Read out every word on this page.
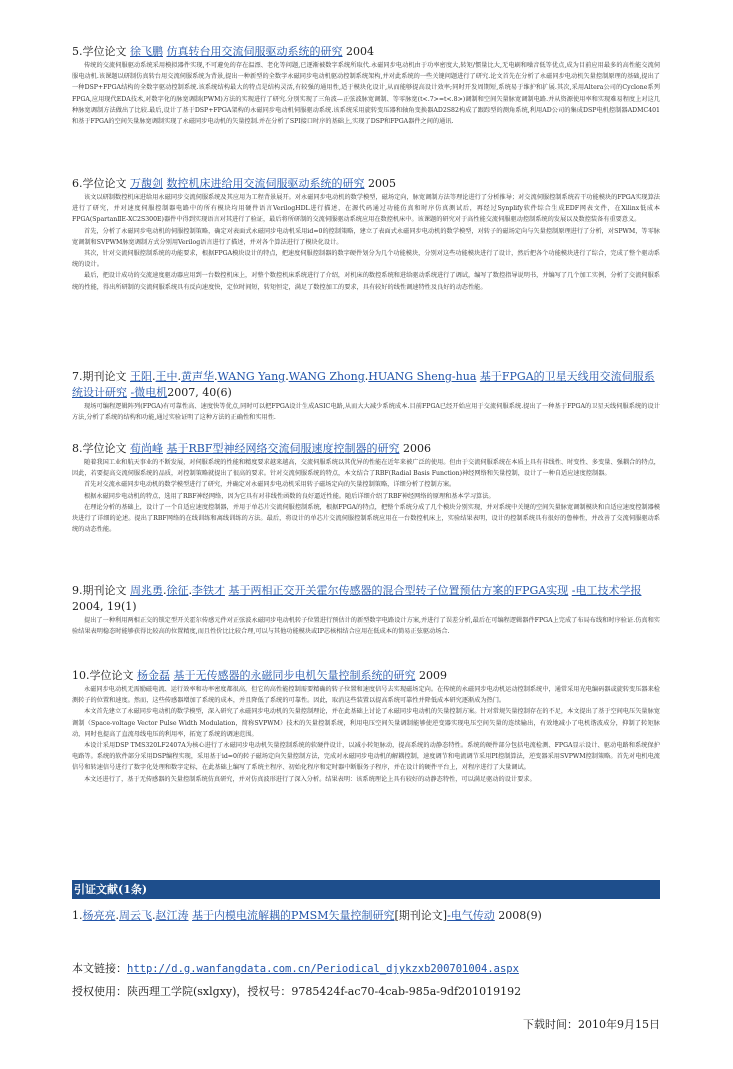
5.学位论文 徐飞鹏 仿真转台用交流伺服驱动系统的研究 2004

传统的交流伺服驱动系统采用模拟器件实现,不可避免的存在温漂、老化等问题,已逐渐被数字系统所取代.永磁同步电动机由于功率密度大,转矩/惯量比大,无电刷和噪音低等优点,成为目前应用最多的高性能交流伺服电动机.该课题以研制仿真转台用交流伺服系统为背景,提出一种新型的全数字永磁同步电动机驱动控制系统架构,并对此系统的一些关键问题进行了研究.论文首先在分析了永磁同步电动机矢量控制原理的基础,提出了一种DSP+FPGA结构的全数字驱动控制系统.该系统结构最大的特点是结构灵活,有较强的通用性,适于模块化设计,从而能够提高设计效率;同时开发周期短,系统易于维护和扩展.其次,采用Altera公司的Cyclone系列FPGA,应用现代EDA技术,对数字化的脉宽调制(PWM)方法的实现进行了研究.分别实现了三角波—正弦波脉宽调制、等零脉宽(t<.7>=t<.8>)调制和空间矢量脉宽调制电路.并从资源使用率和实现难易程度上对这几种脉宽调制方法做出了比较.最后,设计了基于DSP+FPGA架构的永磁同步电动机伺服驱动系统.该系统采用旋转变压器和轴角变换器AD2S82构成了跟踪型的测角系统,利用AD公司的集成DSP电机控制器ADMC401和基于FPGA的空间矢量脉宽调制实现了永磁同步电动机的矢量控制.并在分析了SPI接口时序的基础上,实现了DSP和FPGA器件之间的通讯.

6.学位论文 万馥剑 数控机床进给用交流伺服驱动系统的研究 2005

该文以研制数控机床进给用永磁同步交流伺服系统及其应用为工程背景展开。对永磁同步电动机的数学模型，磁场定向，脉宽调制方法等理论进行了分析推导；对交流伺服控制系统若干功能模块的FPGA实现算法进行了研究，并对速度伺服控制器电路中的所有模块均用硬件语言VerilogHDL进行描述，在源代码通过功能仿真和时序仿真测试后，再经过Synplify软件综合生成EDF网表文件，在Xilinx低成本FPGA(SpartanⅡE-XC2S300E)器件中得到实现语言对其进行了验证，最后将所研制的交流伺服驱动系统应用在数控机床中。该课题的研究对于高性能交流伺服驱动控制系统的发展以及数控装备有重要意义。

首先，分析了永磁同步电动机的伺服控制策略，确定对表面式永磁同步电动机采用id=0的控制策略，建立了表面式永磁同步电动机的数学模型，对转子的磁场定向与矢量控制原理进行了分析，对SPWM，等零脉宽调制和SVPWM脉宽调制方式分别用Verilog语言进行了描述，并对各个算法进行了模块化设计。

其次，针对交流伺服控制系统的功能要求，根据FPGA模块设计的特点，把速度伺服控制器的数字硬件划分为几个功能模块，分别对这些功能模块进行了设计，然后把各个功能模块进行了综合，完成了整个驱动系统的设计。

最后，把设计成功的交流速度驱动器应用到一台数控机床上，对整个数控机床系统进行了介绍，对机床的数控系统和进给驱动系统进行了调试，编写了数控指导说明书，并编写了几个加工实例，分析了交流伺服系统的性能，得出所研制的交流伺服系统具有反向速度快，定位时间短，转矩恒定，满足了数控加工的要求，具有较好的线性调速特性及良好的动态性能。

7.期刊论文 王阳.王中.黄声华.WANG Yang.WANG Zhong.HUANG Sheng-hua 基于FPGA的卫星天线用交流伺服系统设计研究 -微电机2007, 40(6)

现场可编程逻辑阵列(FPGA)有可靠性高、速度快等优点,同时可以把FPGA设计生成ASIC电路,从而大大减少系统成本.目前FPGA已经开始应用于交流伺服系统.提出了一种基于FPGA的卫星天线伺服系统的设计方法,分析了系统的结构和功能,通过实验证明了这种方法的正确性和实用性.

8.学位论文 荀尚峰 基于RBF型神经网络交流伺服速度控制器的研究 2006

随着我国工业和航天事业的不断发展，对伺服系统的性能和精度要求越来越高，交流伺服系统以其优异的性能在近年来被广泛的使用。但由于交流伺服系统在本质上具有非线性、时变性、多变量、强耦合的特点，因此，若要提高交流伺服系统的品质，对控制策略就提出了很高的要求。针对交流伺服系统的特点，本文结合了RBF(Radial Basis Function)神经网络和矢量控制，设计了一种自适应速度控制器。

首先对交流永磁同步电动机的数学模型进行了研究，并确定对永磁同步电动机采用转子磁场定向的矢量控制策略，详细分析了控制方案。

根据永磁同步电动机的特点，选用了RBF神经网络，因为它具有对非线性函数的良好逼近性能。随后详细介绍了RBF神经网络的原理和基本学习算法。

在理论分析的基础上，设计了一个自适应速度控制器，并用于单芯片交流伺服控制系统，根据FPGA的特点，把整个系统分成了几个模块分别实现，并对系统中关键的空间矢量脉宽调制模块和自适应速度控制器模块进行了详细的论述。提出了RBF网络的在线训练和离线训练的方法。最后，将设计的单芯片交流伺服控制系统应用在一台数控机床上，实验结果表明，设计的控制系统具有很好的鲁棒性，并改善了交流伺服驱动系统的动态性能。

9.期刊论文 周兆勇.徐征.李铁才 基于两相正交开关霍尔传感器的混合型转子位置预估方案的FPGA实现 -电工技术学报2004, 19(1)

提出了一种利用两相正交的锁定型开关霍尔传感元件对正弦波永磁同步电动机转子位置进行预估计的新型数字电路设计方案,并进行了误差分析,最后在可编程逻辑器件FPGA上完成了布局布线和时序验证.仿真和实验结果表明稳态时能够获得比较高的位置精度,而且性价比比较合理,可以与其他功能模块或IP芯核相结合应用在低成本的简易正弦驱动场合.

10.学位论文 杨金磊 基于无传感器的永磁同步电机矢量控制系统的研究 2009

永磁同步电动机无需励磁电流、运行效率和功率密度都很高，但它的高性能控制需要精确的转子位置和速度信号去实现磁场定向。在传统的永磁同步电动机运动控制系统中，通常采用光电编码器或旋转变压器来检测转子的位置和速度。然而，这些传感器增加了系统的成本，并且降低了系统的可靠性。因此，取消这些装置以提高系统可靠性并降低成本研究逐渐成为热门。

本文首先建立了永磁同步电动机的数学模型，深入研究了永磁同步电动机的矢量控制理论，并在此基础上讨论了永磁同步电动机的矢量控制方案。针对常规矢量控制存在的不足，本文提出了基于空间电压矢量脉宽调制（Space-voltage Vector Pulse Width Modulation，简称SVPWM）技术的矢量控制系统，利用电压空间矢量调制能够使逆变器实现电压空间矢量的连续输出，有效地减小了电机谐波成分，抑制了转矩脉动，同时也提高了直流母线电压的利用率，拓宽了系统的调速范围。

本设计采用DSP TMS320LF2407A为核心进行了永磁同步电动机矢量控制系统的软硬件设计，以减小转矩脉动，提高系统的动静态特性。系统的硬件部分包括电流检测、FPGA显示设计、驱动电路和系统保护电路等。系统的软件部分采用DSP编程实现，采用基于id=0的转子磁场定向矢量控制方法，完成对永磁同步电动机的解耦控制，速度调节和电流调节采用PI控制算法，逆变器采用SVPWM控制策略。首先对电机电流信号和转速信号进行了数字化处理和数字定标，在此基础上编写了系统主程序、初始化程序和定时器中断服务子程序，并在设计的硬件平台上，对程序进行了大量调试。

本文还进行了，基于无传感器的矢量控制系统仿真研究，并对仿真波形进行了深入分析。结果表明：该系统理论上具有较好的动静态特性，可以满足驱动的设计要求。

引证文献(1条)
1.杨亮亮.周云飞.赵江涛 基于内模电流解耦的PMSM矢量控制研究[期刊论文]-电气传动 2008(9)
本文链接：http://d.g.wanfangdata.com.cn/Periodical_djykzxb200701004.aspx
授权使用：陕西理工学院(sxlgxy)，授权号：9785424f-ac70-4cab-985a-9df201019192
下载时间：2010年9月15日
